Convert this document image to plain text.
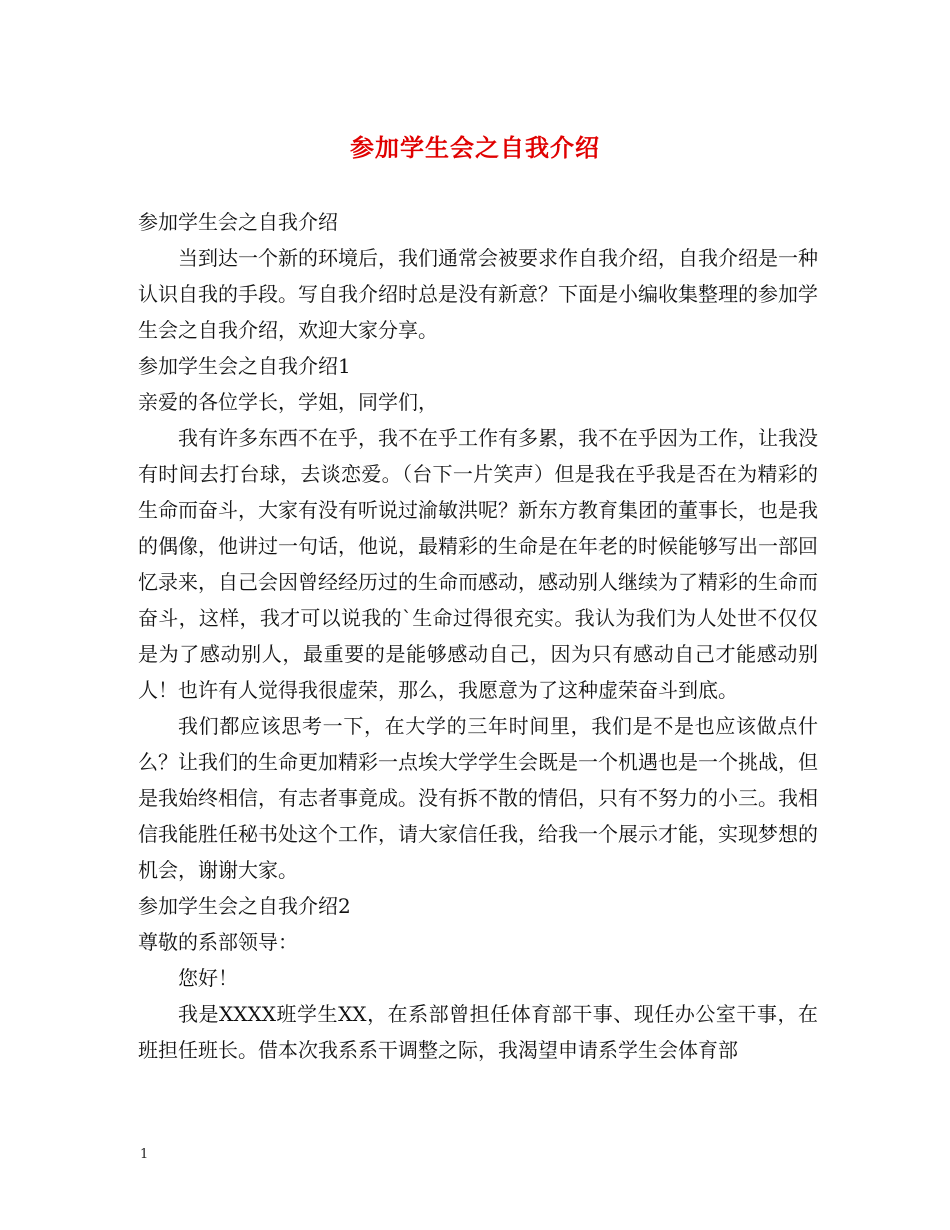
参加学生会之自我介绍

参加学生会之自我介绍

当到达一个新的环境后，我们通常会被要求作自我介绍，自我介绍是一种认识自我的手段。写自我介绍时总是没有新意？下面是小编收集整理的参加学生会之自我介绍，欢迎大家分享。

参加学生会之自我介绍1

亲爱的各位学长，学姐，同学们，

我有许多东西不在乎，我不在乎工作有多累，我不在乎因为工作，让我没有时间去打台球，去谈恋爱。（台下一片笑声）但是我在乎我是否在为精彩的生命而奋斗，大家有没有听说过渝敏洪呢？新东方教育集团的董事长，也是我的偶像，他讲过一句话，他说，最精彩的生命是在年老的时候能够写出一部回忆录来，自己会因曾经经历过的生命而感动，感动别人继续为了精彩的生命而奋斗，这样，我才可以说我的`生命过得很充实。我认为我们为人处世不仅仅是为了感动别人，最重要的是能够感动自己，因为只有感动自己才能感动别人！也许有人觉得我很虚荣，那么，我愿意为了这种虚荣奋斗到底。

我们都应该思考一下，在大学的三年时间里，我们是不是也应该做点什么？让我们的生命更加精彩一点埃大学学生会既是一个机遇也是一个挑战，但是我始终相信，有志者事竟成。没有拆不散的情侣，只有不努力的小三。我相信我能胜任秘书处这个工作，请大家信任我，给我一个展示才能，实现梦想的机会，谢谢大家。

参加学生会之自我介绍2

尊敬的系部领导：

您好！

我是XXXX班学生XX，在系部曾担任体育部干事、现任办公室干事，在班担任班长。借本次我系系干调整之际，我渴望申请系学生会体育部

1
